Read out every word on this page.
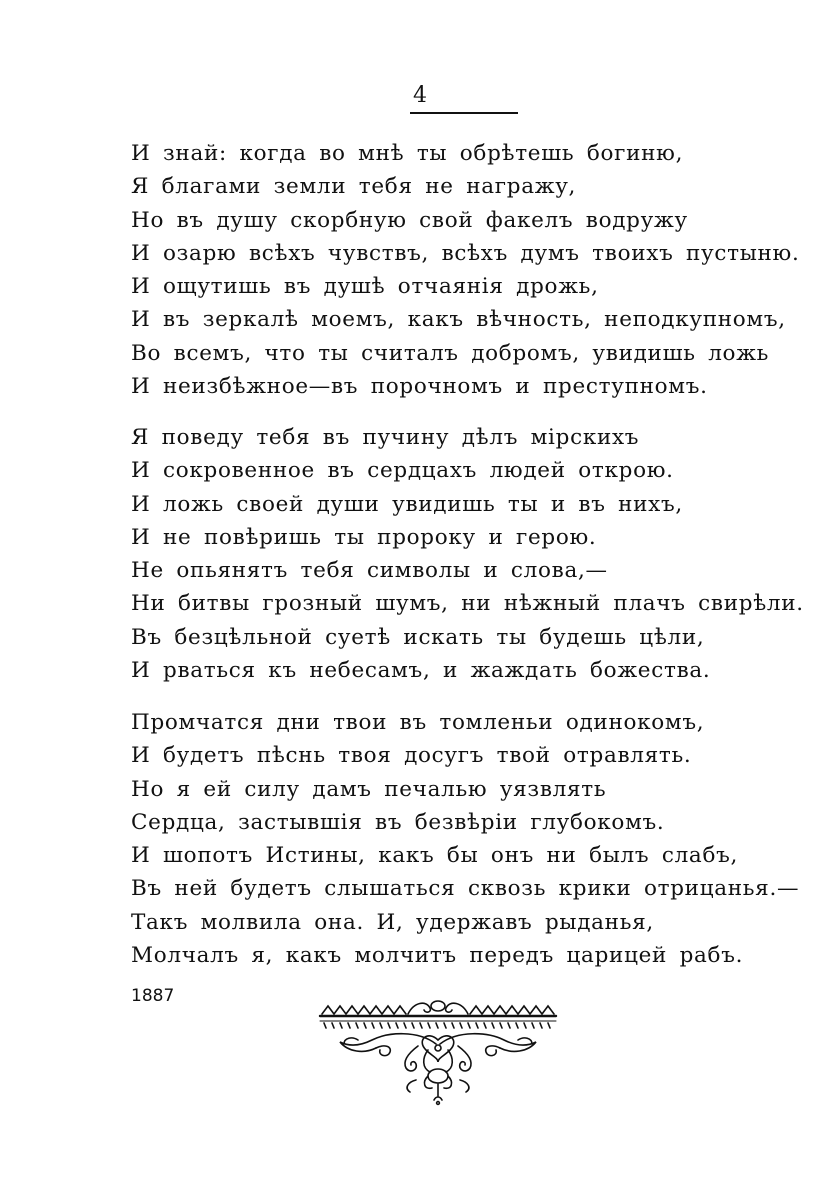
4
И знай: когда во мнѣ ты обрѣтешь богиню,
Я благами земли тебя не награжу,
Но въ душу скорбную свой факелъ водружу
И озарю всѣхъ чувствъ, всѣхъ думъ твоихъ пустыню.
И ощутишь въ душѣ отчаянія дрожь,
И въ зеркалѣ моемъ, какъ вѣчность, неподкупномъ,
Во всемъ, что ты считалъ добромъ, увидишь ложь
И неизбѣжное—въ порочномъ и преступномъ.
Я поведу тебя въ пучину дѣлъ мірскихъ
И сокровенное въ сердцахъ людей открою.
И ложь своей души увидишь ты и въ нихъ,
И не повѣришь ты пророку и герою.
Не опьянятъ тебя символы и слова,—
Ни битвы грозный шумъ, ни нѣжный плачъ свирѣли.
Въ безцѣльной суетѣ искать ты будешь цѣли,
И рваться къ небесамъ, и жаждать божества.
Промчатся дни твои въ томленьи одинокомъ,
И будетъ пѣснь твоя досугъ твой отравлять.
Но я ей силу дамъ печалью уязвлять
Сердца, застывшія въ безвѣріи глубокомъ.
И шопотъ Истины, какъ бы онъ ни былъ слабъ,
Въ ней будетъ слышаться сквозь крики отрицанья.—
Такъ молвила она. И, удержавъ рыданья,
Молчалъ я, какъ молчитъ передъ царицей рабъ.
1887
